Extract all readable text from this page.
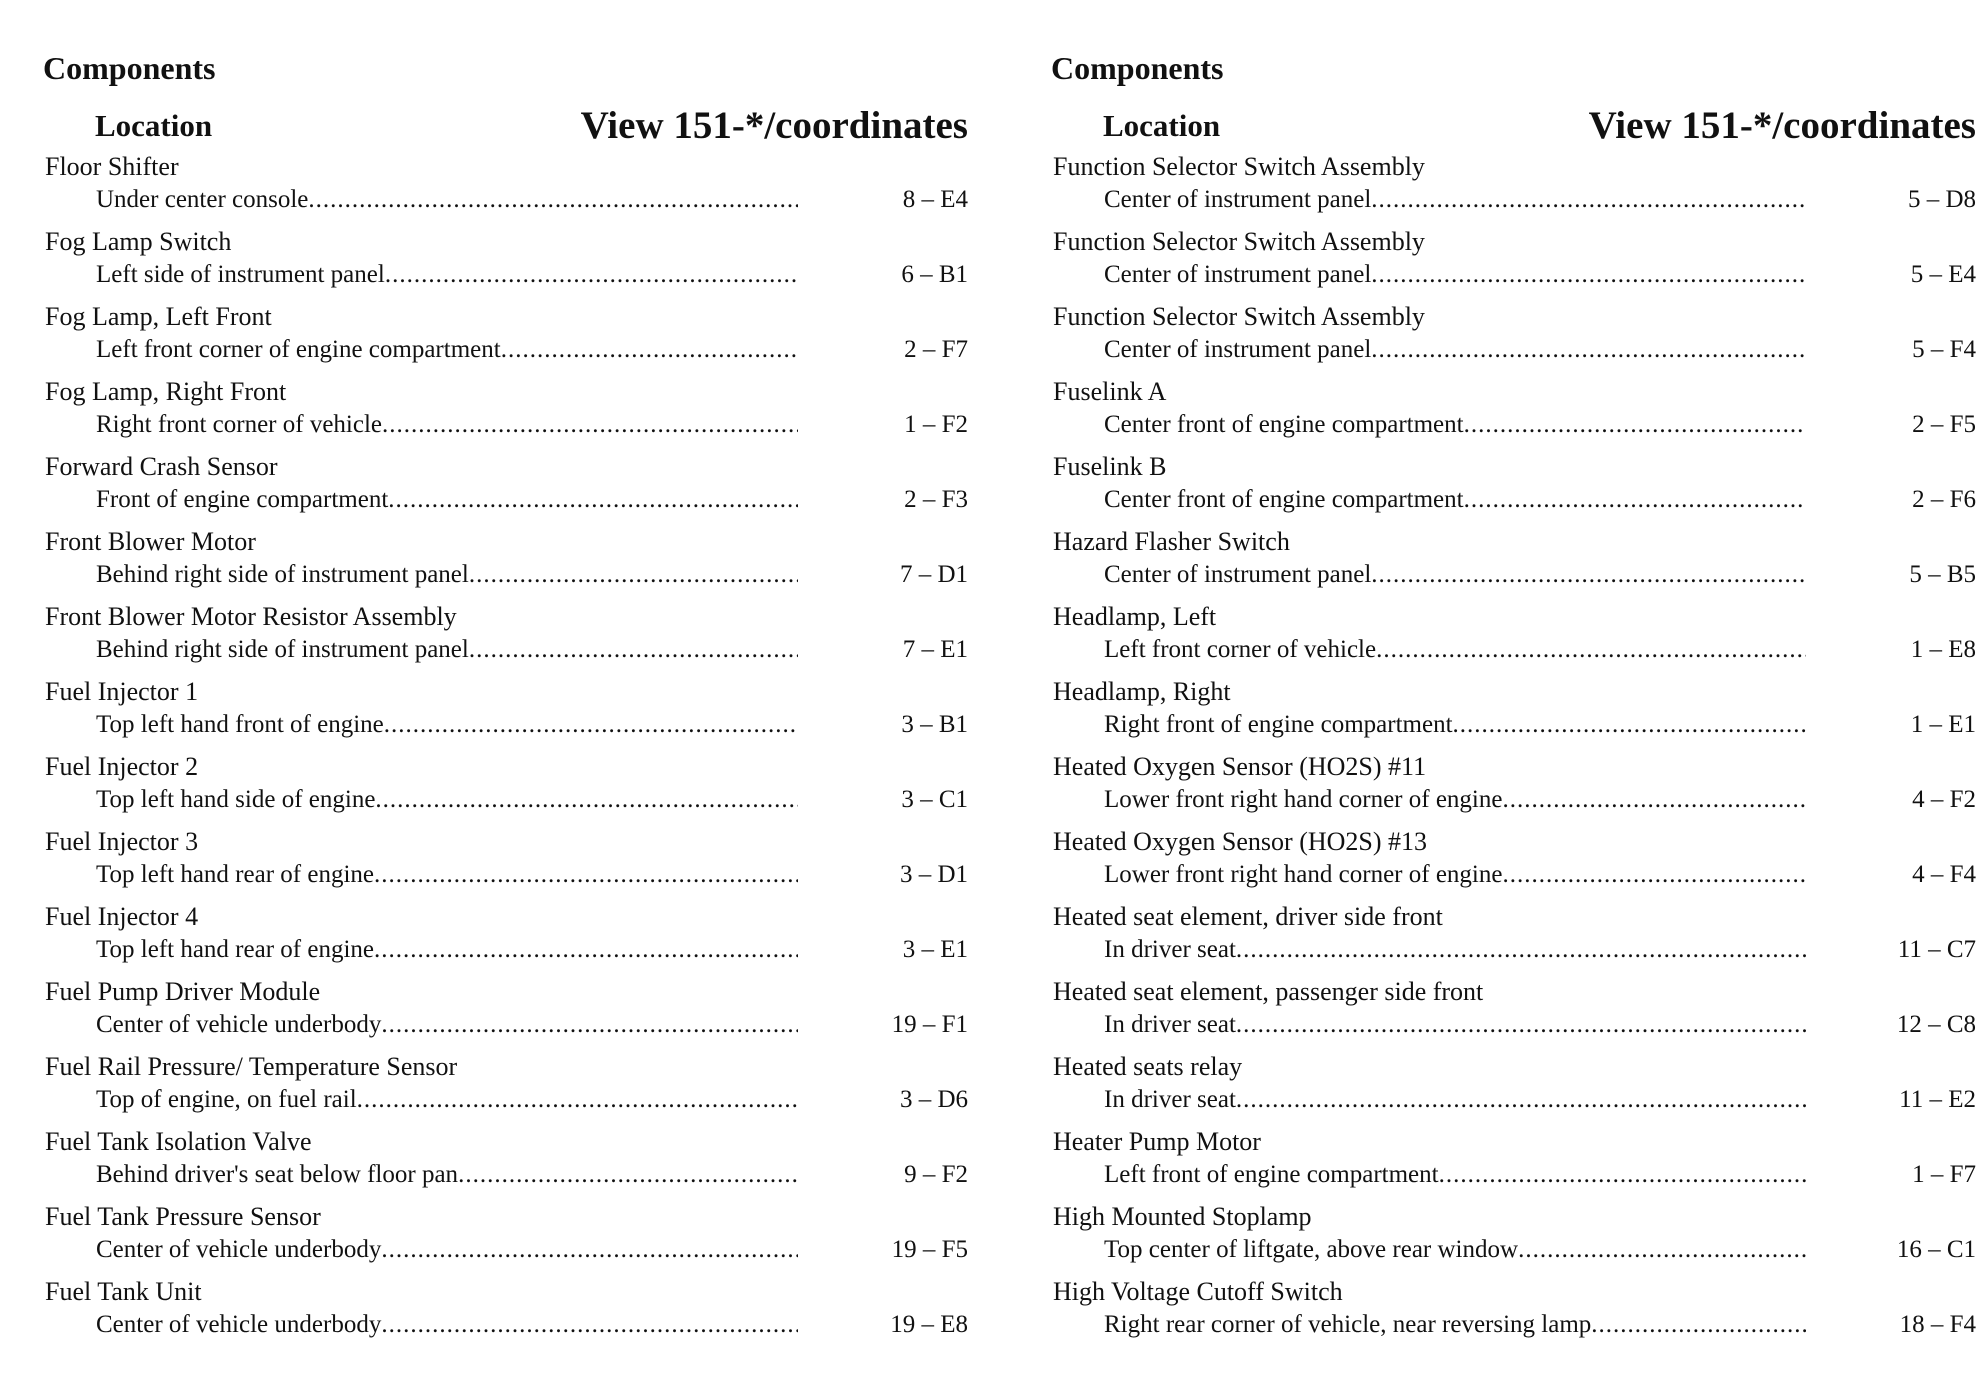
Components
Location	View 151-*/coordinates
Floor Shifter
Under center console .....	8 – E4
Fog Lamp Switch
Left side of instrument panel .....	6 – B1
Fog Lamp, Left Front
Left front corner of engine compartment .....	2 – F7
Fog Lamp, Right Front
Right front corner of vehicle .....	1 – F2
Forward Crash Sensor
Front of engine compartment .....	2 – F3
Front Blower Motor
Behind right side of instrument panel .....	7 – D1
Front Blower Motor Resistor Assembly
Behind right side of instrument panel .....	7 – E1
Fuel Injector 1
Top left hand front of engine .....	3 – B1
Fuel Injector 2
Top left hand side of engine .....	3 – C1
Fuel Injector 3
Top left hand rear of engine .....	3 – D1
Fuel Injector 4
Top left hand rear of engine .....	3 – E1
Fuel Pump Driver Module
Center of vehicle underbody .....	19 – F1
Fuel Rail Pressure/ Temperature Sensor
Top of engine, on fuel rail .....	3 – D6
Fuel Tank Isolation Valve
Behind driver's seat below floor pan .....	9 – F2
Fuel Tank Pressure Sensor
Center of vehicle underbody .....	19 – F5
Fuel Tank Unit
Center of vehicle underbody .....	19 – E8
Components
Location	View 151-*/coordinates
Function Selector Switch Assembly
Center of instrument panel .....	5 – D8
Function Selector Switch Assembly
Center of instrument panel .....	5 – E4
Function Selector Switch Assembly
Center of instrument panel .....	5 – F4
Fuselink A
Center front of engine compartment .....	2 – F5
Fuselink B
Center front of engine compartment .....	2 – F6
Hazard Flasher Switch
Center of instrument panel .....	5 – B5
Headlamp, Left
Left front corner of vehicle .....	1 – E8
Headlamp, Right
Right front of engine compartment .....	1 – E1
Heated Oxygen Sensor (HO2S) #11
Lower front right hand corner of engine .....	4 – F2
Heated Oxygen Sensor (HO2S) #13
Lower front right hand corner of engine .....	4 – F4
Heated seat element, driver side front
In driver seat .....	11 – C7
Heated seat element, passenger side front
In driver seat .....	12 – C8
Heated seats relay
In driver seat .....	11 – E2
Heater Pump Motor
Left front of engine compartment .....	1 – F7
High Mounted Stoplamp
Top center of liftgate, above rear window .....	16 – C1
High Voltage Cutoff Switch
Right rear corner of vehicle, near reversing lamp .....	18 – F4
